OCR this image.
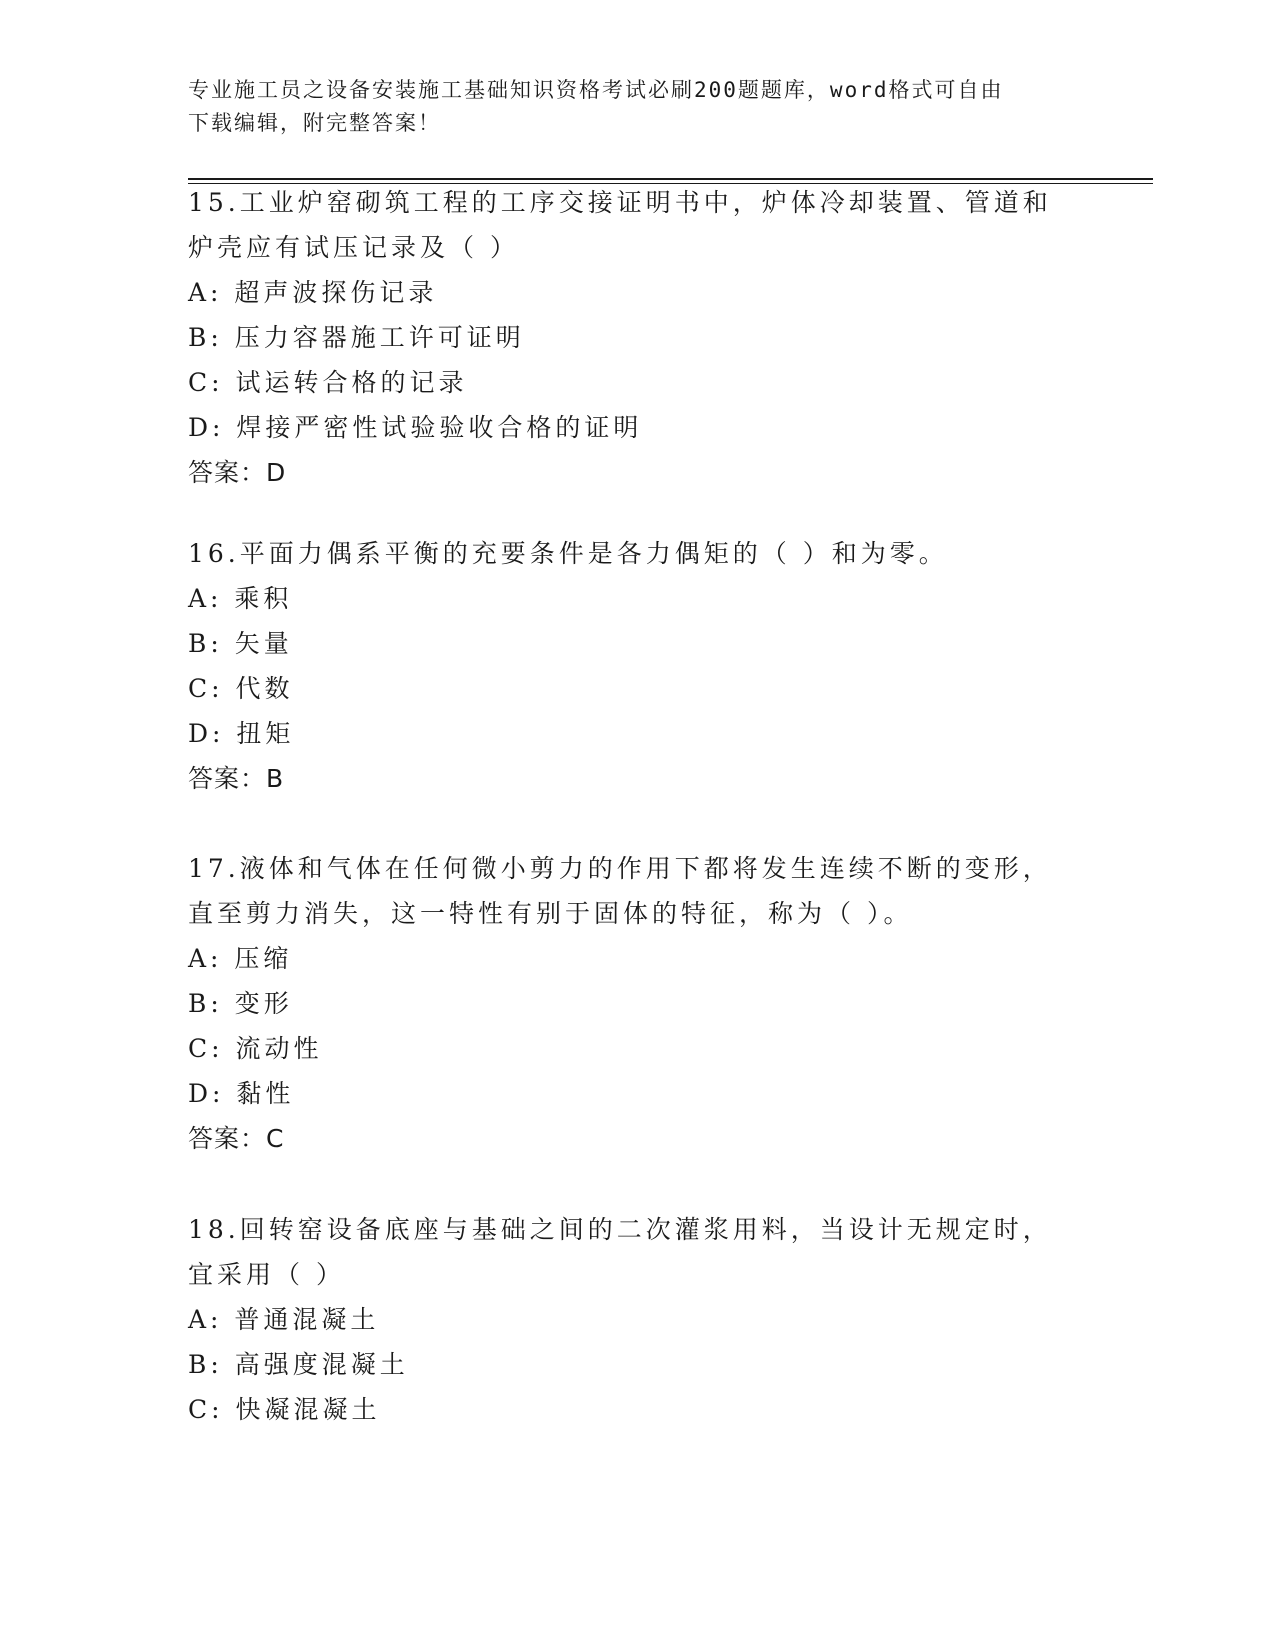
专业施工员之设备安装施工基础知识资格考试必刷200题题库，word格式可自由
下载编辑，附完整答案！

15.工业炉窑砌筑工程的工序交接证明书中，炉体冷却装置、管道和炉壳应有试压记录及（ ）

A: 超声波探伤记录

B: 压力容器施工许可证明

C: 试运转合格的记录

D: 焊接严密性试验验收合格的证明

答案：D

16.平面力偶系平衡的充要条件是各力偶矩的（ ）和为零。

A: 乘积

B: 矢量

C: 代数

D: 扭矩

答案：B

17.液体和气体在任何微小剪力的作用下都将发生连续不断的变形，直至剪力消失，这一特性有别于固体的特征，称为（ ）。

A: 压缩

B: 变形

C: 流动性

D: 黏性

答案：C

18.回转窑设备底座与基础之间的二次灌浆用料，当设计无规定时，宜采用（ ）

A: 普通混凝土

B: 高强度混凝土

C: 快凝混凝土
